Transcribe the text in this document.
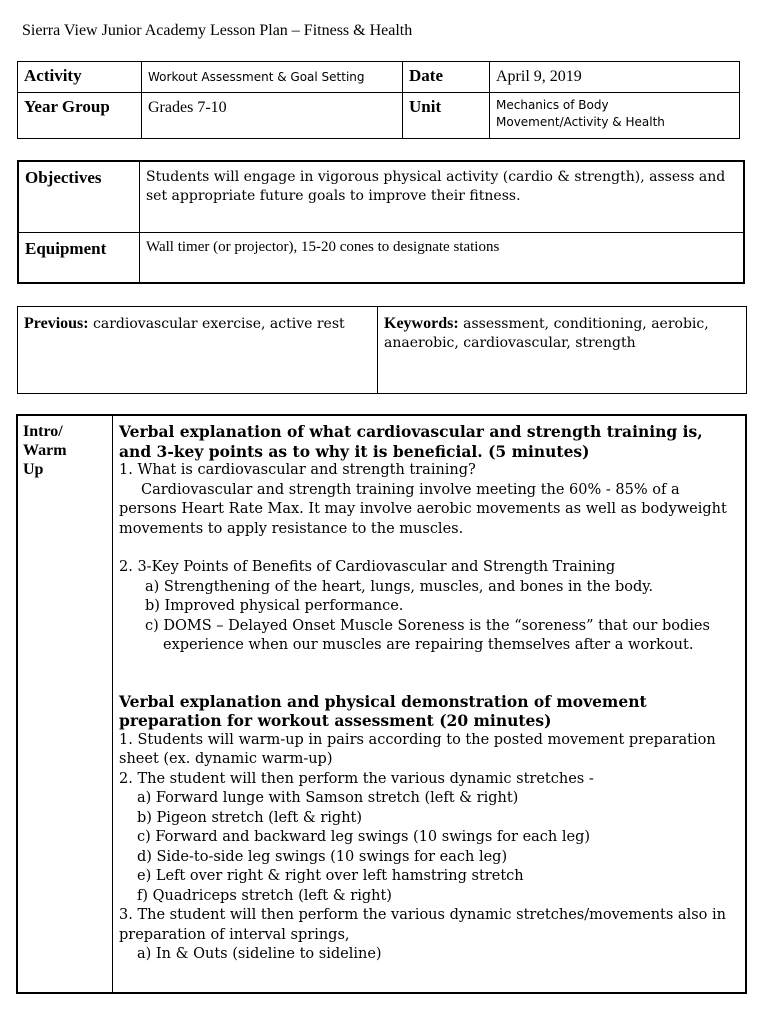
Sierra View Junior Academy Lesson Plan – Fitness & Health
Activity	Workout Assessment & Goal Setting	Date	April 9, 2019
Year Group	Grades 7-10	Unit	Mechanics of Body
Movement/Activity & Health
Objectives	Students will engage in vigorous physical activity (cardio & strength), assess and set appropriate future goals to improve their fitness.

Equipment	Wall timer (or projector), 15-20 cones to designate stations
Previous: cardiovascular exercise, active rest	Keywords: assessment, conditioning, aerobic, anaerobic, cardiovascular, strength
Intro/
Warm
Up

Verbal explanation of what cardiovascular and strength training is, and 3-key points as to why it is beneficial. (5 minutes)
1. What is cardiovascular and strength training?
Cardiovascular and strength training involve meeting the 60% - 85% of a persons Heart Rate Max. It may involve aerobic movements as well as bodyweight movements to apply resistance to the muscles.
2. 3-Key Points of Benefits of Cardiovascular and Strength Training
a) Strengthening of the heart, lungs, muscles, and bones in the body.
b) Improved physical performance.
c) DOMS – Delayed Onset Muscle Soreness is the “soreness” that our bodies experience when our muscles are repairing themselves after a workout.
Verbal explanation and physical demonstration of movement preparation for workout assessment (20 minutes)
1. Students will warm-up in pairs according to the posted movement preparation sheet (ex. dynamic warm-up)
2. The student will then perform the various dynamic stretches -
a) Forward lunge with Samson stretch (left & right)
b) Pigeon stretch (left & right)
c) Forward and backward leg swings (10 swings for each leg)
d) Side-to-side leg swings (10 swings for each leg)
e) Left over right & right over left hamstring stretch
f) Quadriceps stretch (left & right)
3. The student will then perform the various dynamic stretches/movements also in preparation of interval springs,
a) In & Outs (sideline to sideline)
